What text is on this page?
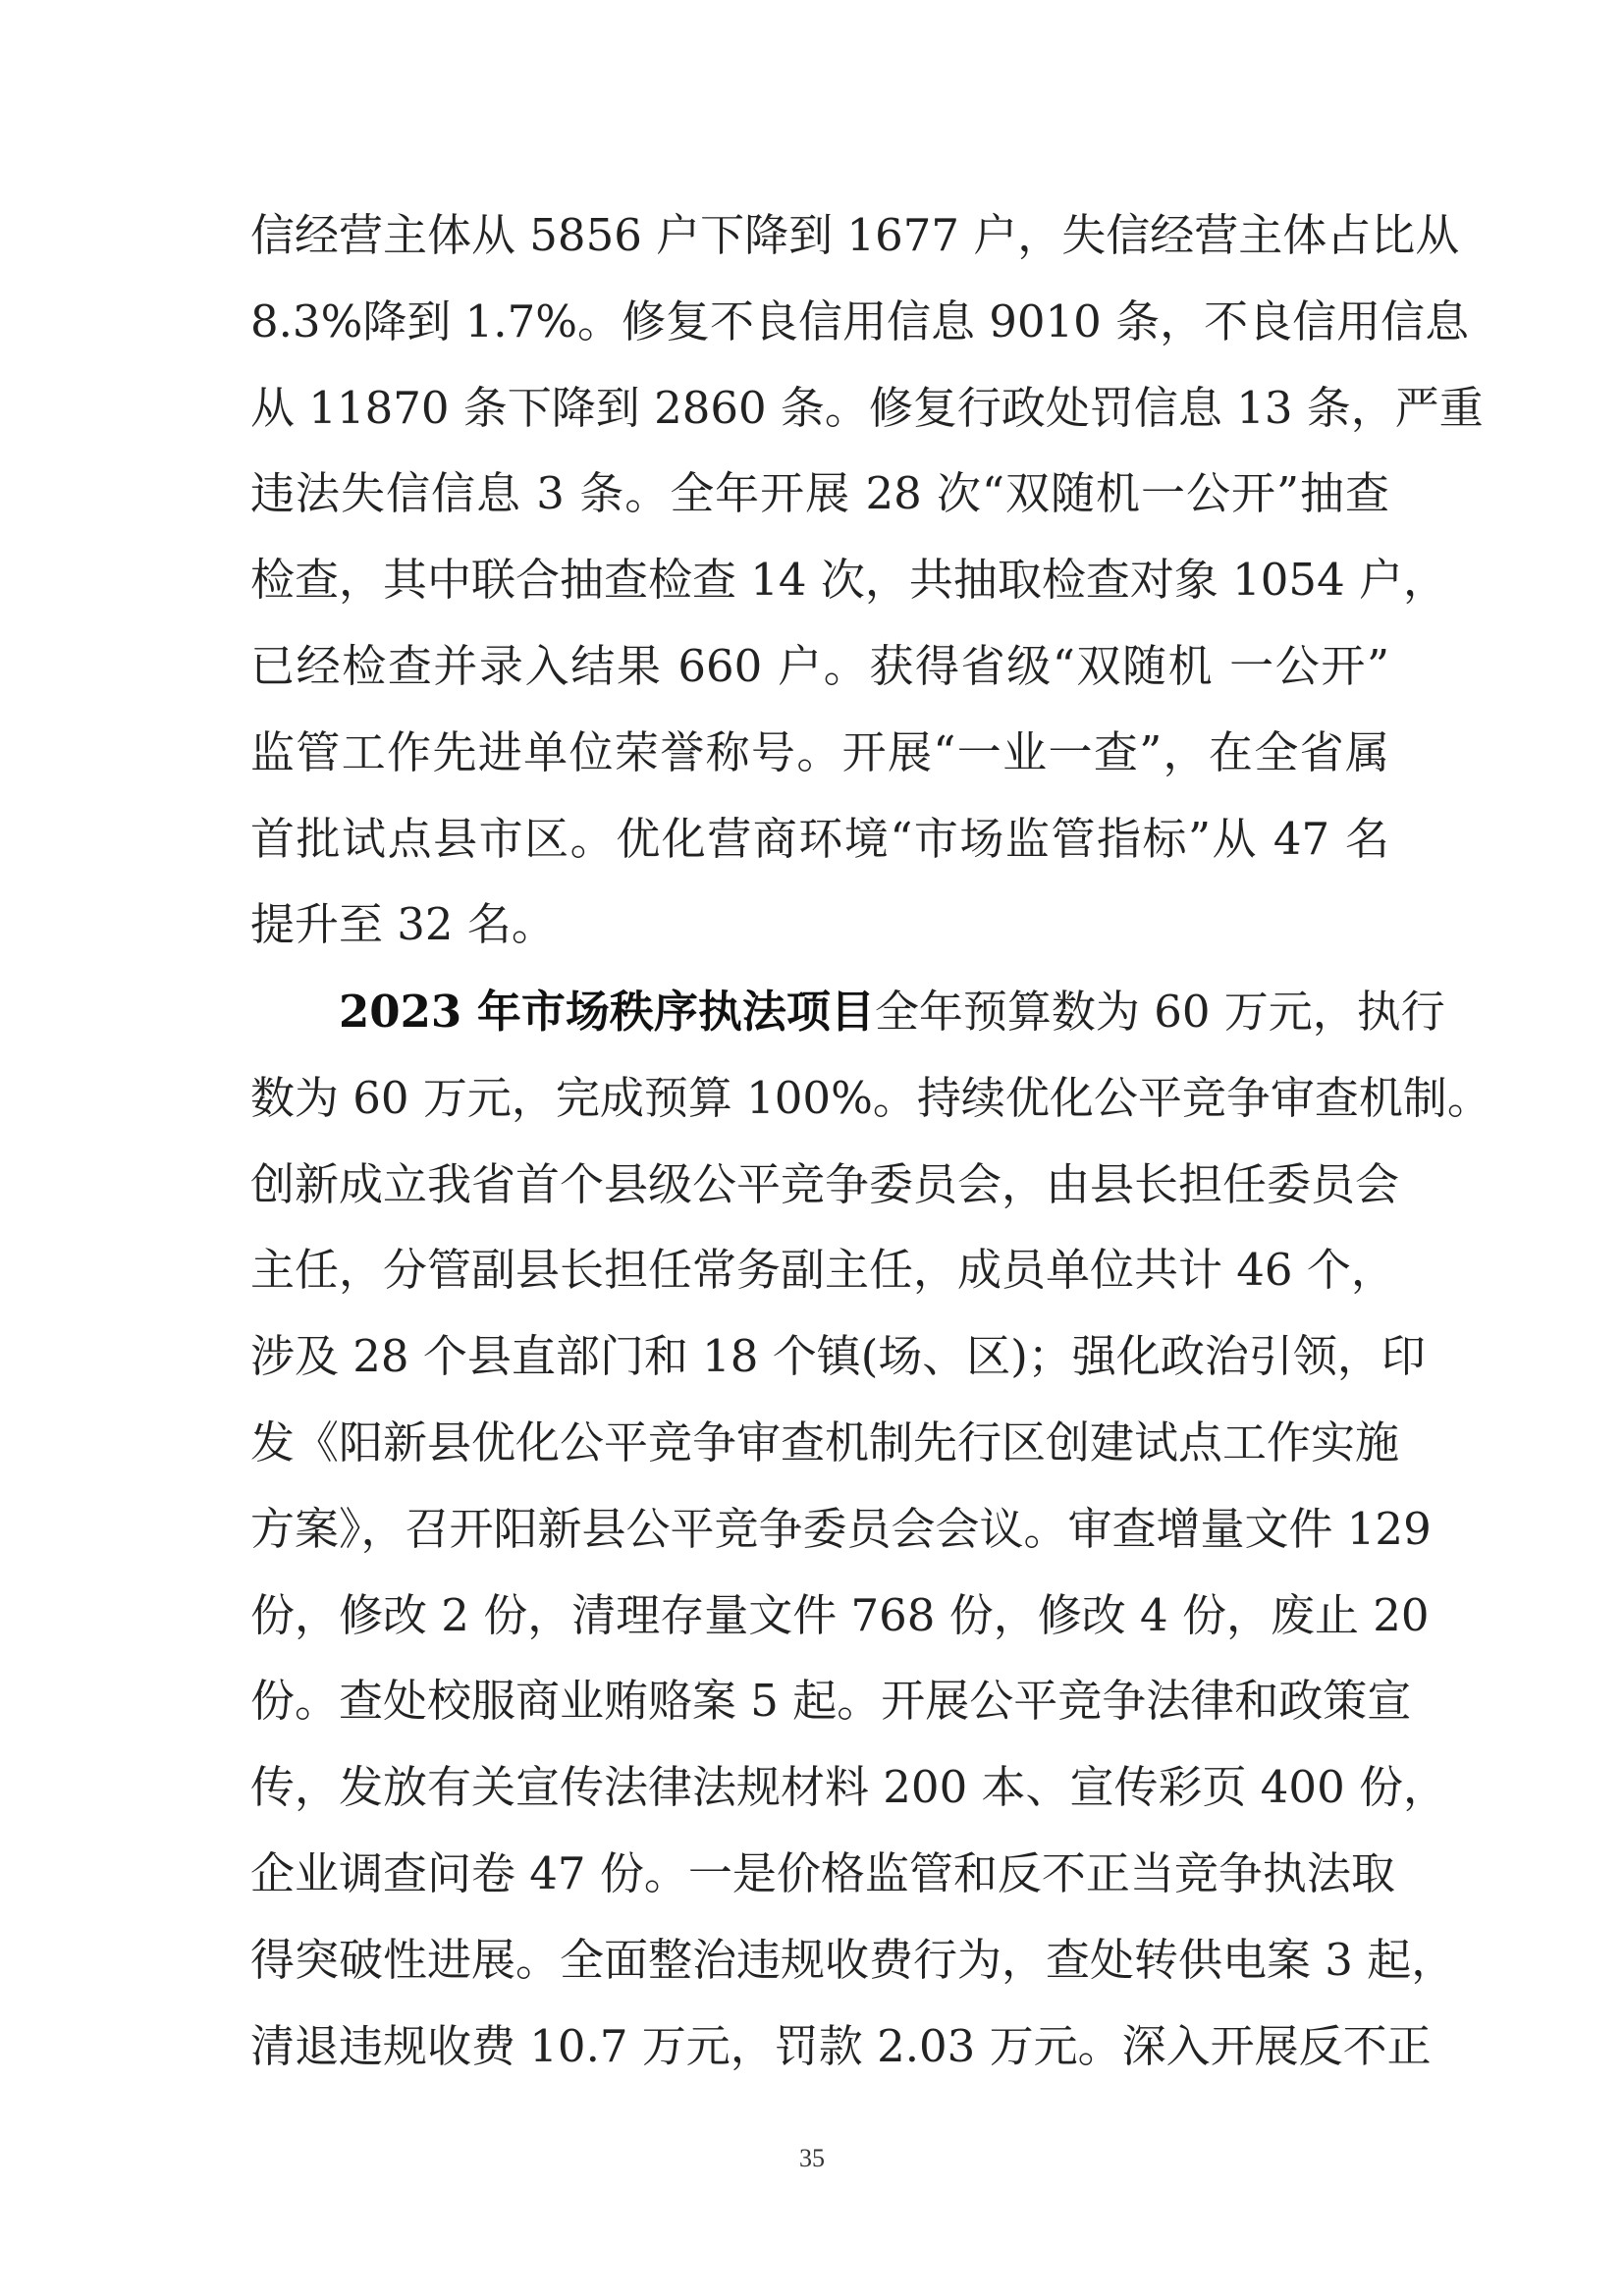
信经营主体从 5856 户下降到 1677 户，失信经营主体占比从
8.3%降到 1.7%。修复不良信用信息 9010 条，不良信用信息
从 11870 条下降到 2860 条。修复行政处罚信息 13 条，严重
违法失信信息 3 条。全年开展 28 次“双随机一公开”抽查
检查，其中联合抽查检查 14 次，共抽取检查对象 1054 户，
已经检查并录入结果 660 户。获得省级“双随机 一公开”
监管工作先进单位荣誉称号。开展“一业一查”，在全省属
首批试点县市区。优化营商环境“市场监管指标”从 47 名
提升至 32 名。
2023 年市场秩序执法项目全年预算数为 60 万元，执行
数为 60 万元，完成预算 100%。持续优化公平竞争审查机制。
创新成立我省首个县级公平竞争委员会，由县长担任委员会
主任，分管副县长担任常务副主任，成员单位共计 46 个，
涉及 28 个县直部门和 18 个镇(场、区)；强化政治引领，印
发《阳新县优化公平竞争审查机制先行区创建试点工作实施
方案》，召开阳新县公平竞争委员会会议。审查增量文件 129
份，修改 2 份，清理存量文件 768 份，修改 4 份，废止 20
份。查处校服商业贿赂案 5 起。开展公平竞争法律和政策宣
传，发放有关宣传法律法规材料 200 本、宣传彩页 400 份，
企业调查问卷 47 份。一是价格监管和反不正当竞争执法取
得突破性进展。全面整治违规收费行为，查处转供电案 3 起，
清退违规收费 10.7 万元，罚款 2.03 万元。深入开展反不正
35
